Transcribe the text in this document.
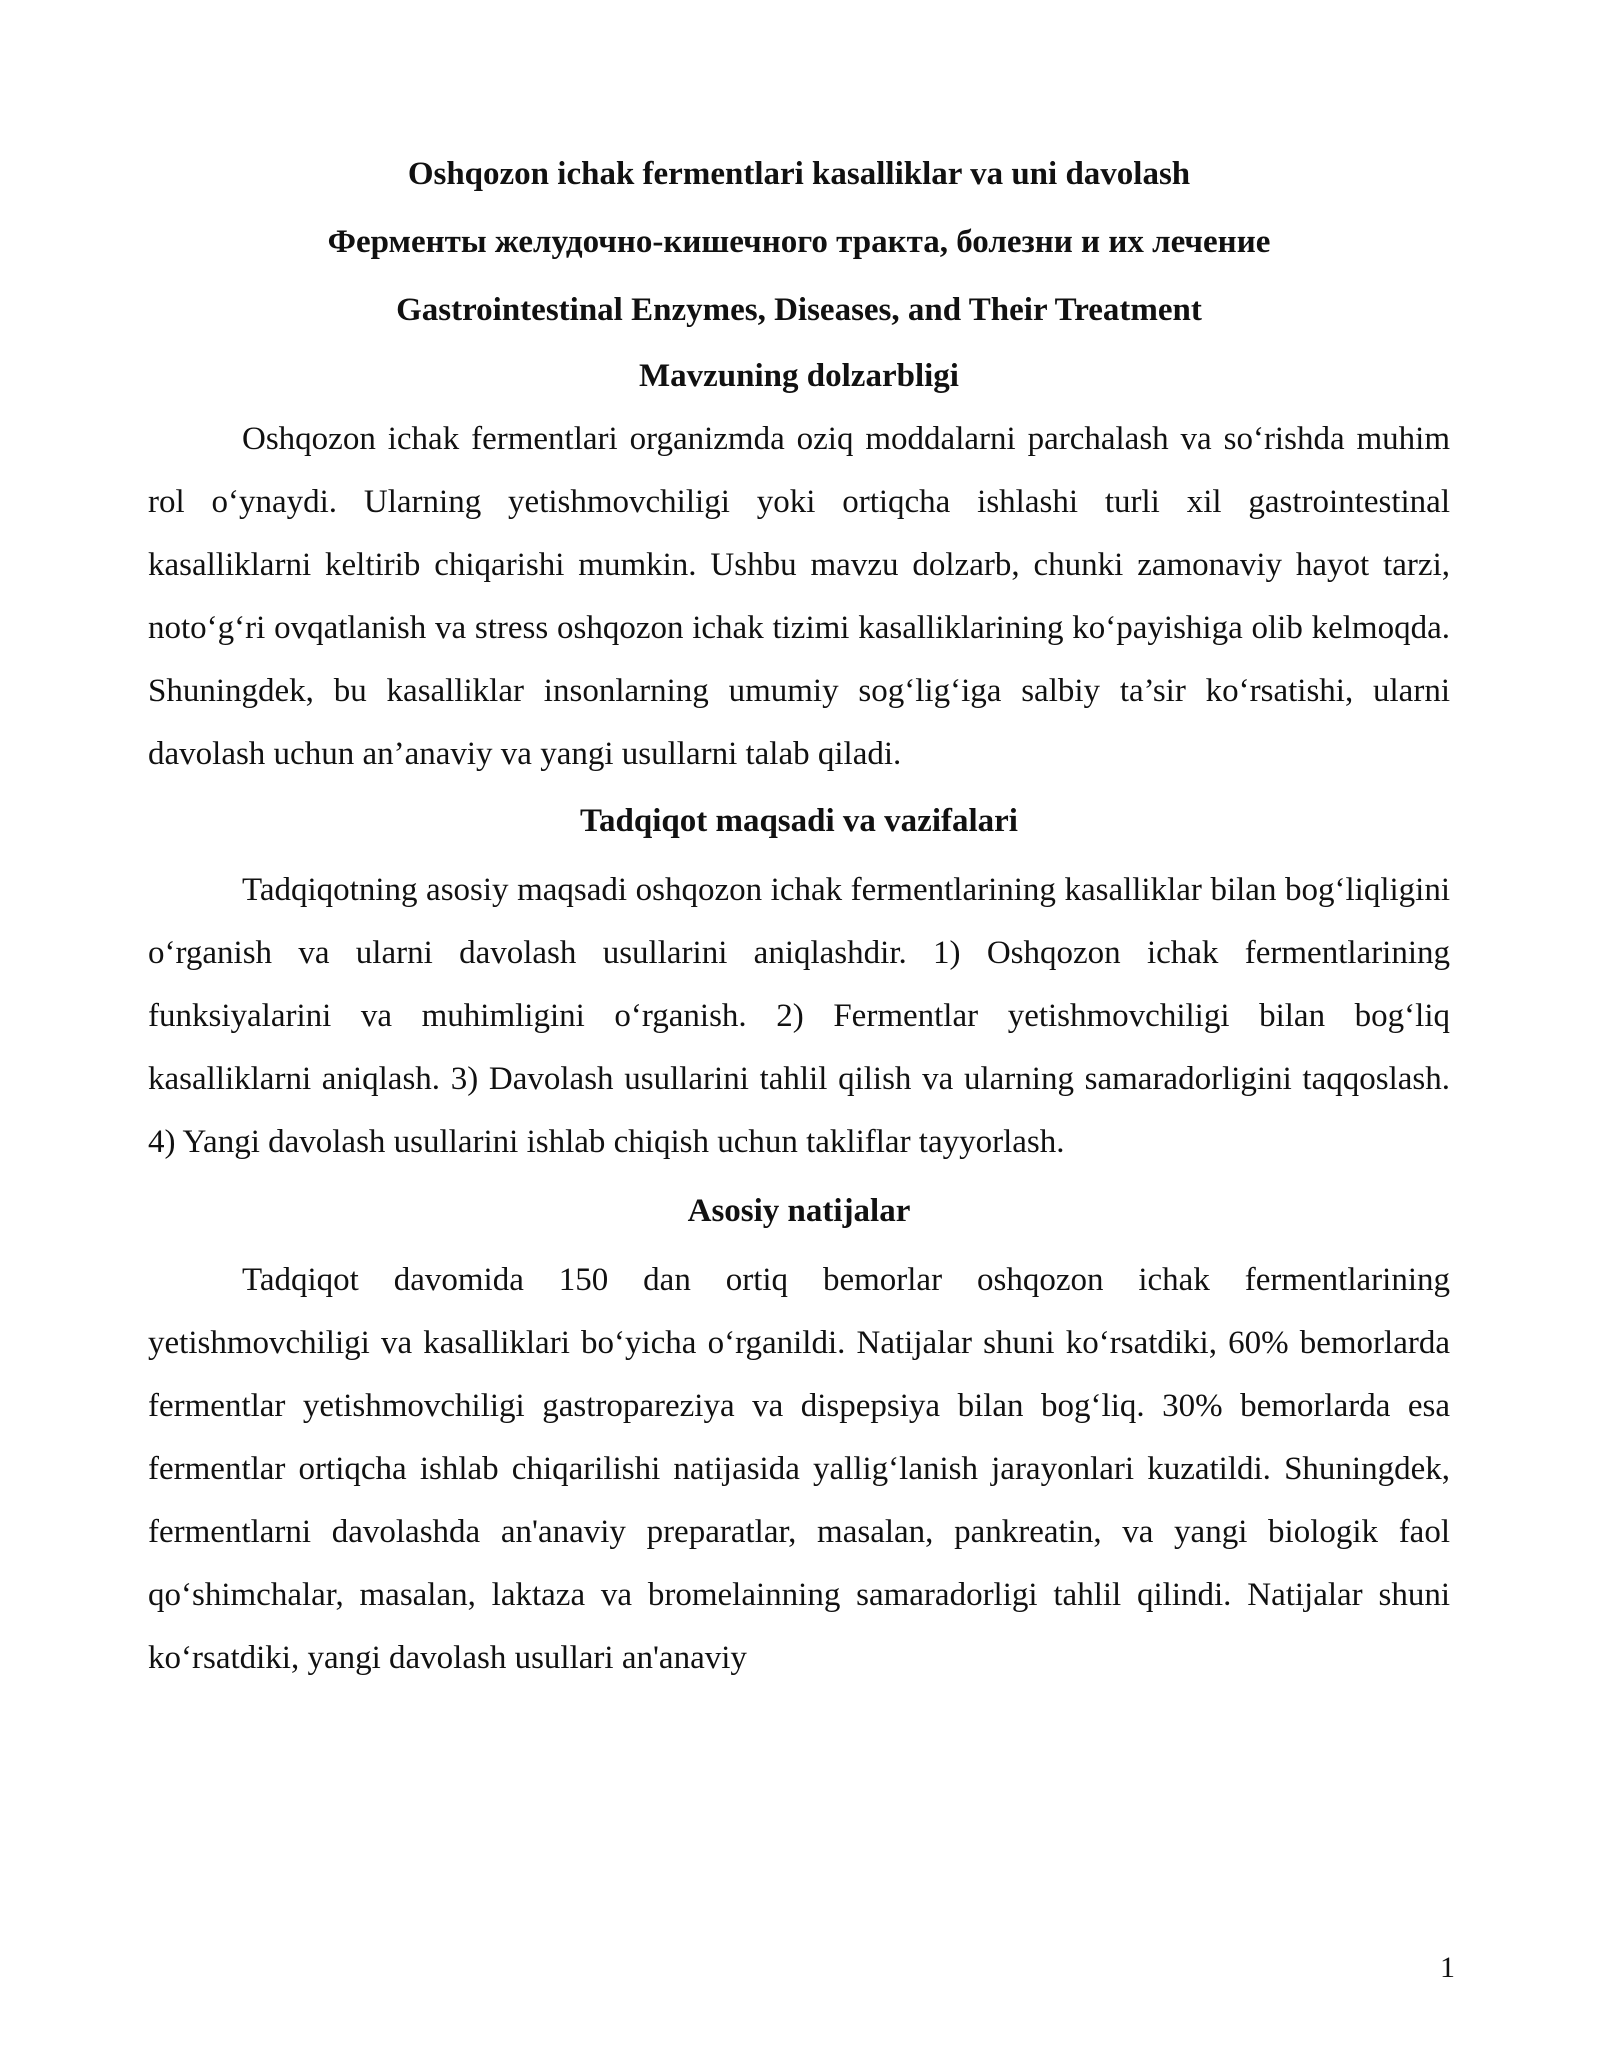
Oshqozon ichak fermentlari kasalliklar va uni davolash
Ферменты желудочно-кишечного тракта, болезни и их лечение
Gastrointestinal Enzymes, Diseases, and Their Treatment
Mavzuning dolzarbligi

Oshqozon ichak fermentlari organizmda oziq moddalarni parchalash va so‘rishda muhim rol o‘ynaydi. Ularning yetishmovchiligi yoki ortiqcha ishlashi turli xil gastrointestinal kasalliklarni keltirib chiqarishi mumkin. Ushbu mavzu dolzarb, chunki zamonaviy hayot tarzi, noto‘g‘ri ovqatlanish va stress oshqozon ichak tizimi kasalliklarining ko‘payishiga olib kelmoqda. Shuningdek, bu kasalliklar insonlarning umumiy sog‘lig‘iga salbiy ta’sir ko‘rsatishi, ularni davolash uchun an’anaviy va yangi usullarni talab qiladi.

Tadqiqot maqsadi va vazifalari

Tadqiqotning asosiy maqsadi oshqozon ichak fermentlarining kasalliklar bilan bog‘liqligini o‘rganish va ularni davolash usullarini aniqlashdir. 1) Oshqozon ichak fermentlarining funksiyalarini va muhimligini o‘rganish. 2) Fermentlar yetishmovchiligi bilan bog‘liq kasalliklarni aniqlash. 3) Davolash usullarini tahlil qilish va ularning samaradorligini taqqoslash. 4) Yangi davolash usullarini ishlab chiqish uchun takliflar tayyorlash.

Asosiy natijalar

Tadqiqot davomida 150 dan ortiq bemorlar oshqozon ichak fermentlarining yetishmovchiligi va kasalliklari bo‘yicha o‘rganildi. Natijalar shuni ko‘rsatdiki, 60% bemorlarda fermentlar yetishmovchiligi gastropareziya va dispepsiya bilan bog‘liq. 30% bemorlarda esa fermentlar ortiqcha ishlab chiqarilishi natijasida yallig‘lanish jarayonlari kuzatildi. Shuningdek, fermentlarni davolashda an'anaviy preparatlar, masalan, pankreatin, va yangi biologik faol qo‘shimchalar, masalan, laktaza va bromelainning samaradorligi tahlil qilindi. Natijalar shuni ko‘rsatdiki, yangi davolash usullari an'anaviy

1
